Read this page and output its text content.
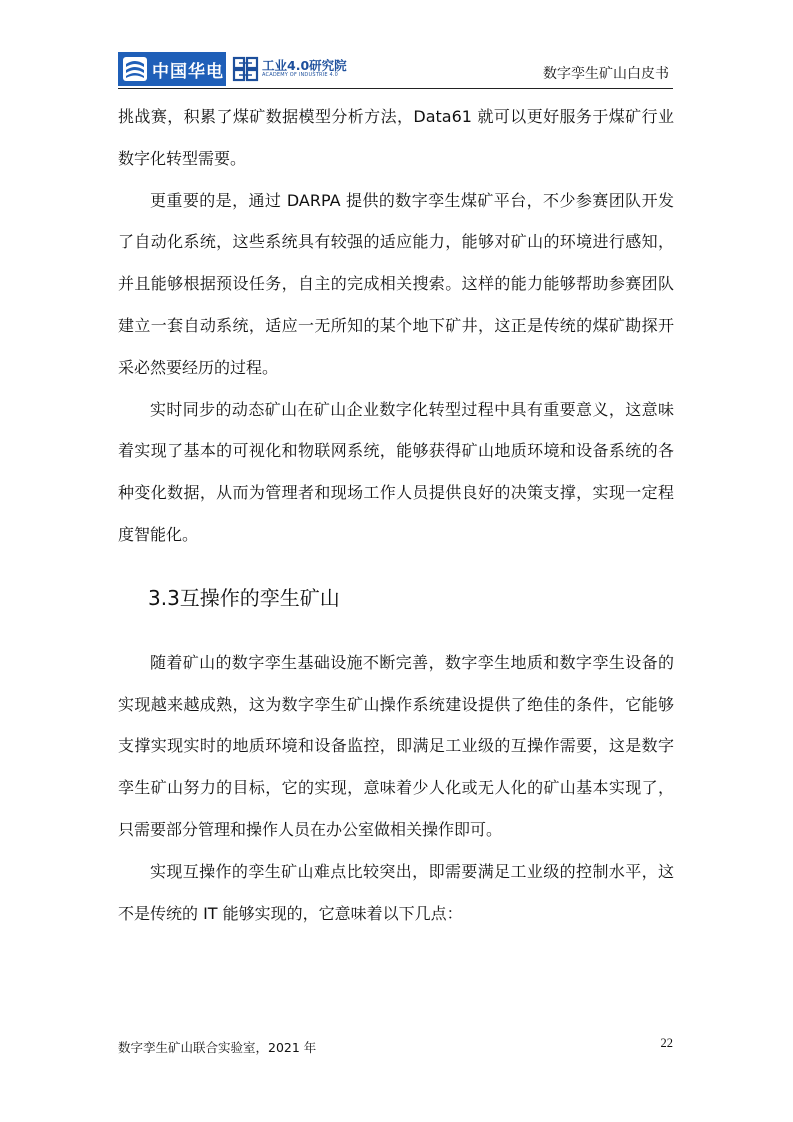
中国华电	工业4.0研究院
ACADEMY OF INDUSTRIE 4.0	数字孪生矿山白皮书

挑战赛，积累了煤矿数据模型分析方法，Data61 就可以更好服务于煤矿行业数字化转型需要。

更重要的是，通过 DARPA 提供的数字孪生煤矿平台，不少参赛团队开发了自动化系统，这些系统具有较强的适应能力，能够对矿山的环境进行感知，并且能够根据预设任务，自主的完成相关搜索。这样的能力能够帮助参赛团队建立一套自动系统，适应一无所知的某个地下矿井，这正是传统的煤矿勘探开采必然要经历的过程。

实时同步的动态矿山在矿山企业数字化转型过程中具有重要意义，这意味着实现了基本的可视化和物联网系统，能够获得矿山地质环境和设备系统的各种变化数据，从而为管理者和现场工作人员提供良好的决策支撑，实现一定程度智能化。

3.3互操作的孪生矿山

随着矿山的数字孪生基础设施不断完善，数字孪生地质和数字孪生设备的实现越来越成熟，这为数字孪生矿山操作系统建设提供了绝佳的条件，它能够支撑实现实时的地质环境和设备监控，即满足工业级的互操作需要，这是数字孪生矿山努力的目标，它的实现，意味着少人化或无人化的矿山基本实现了，只需要部分管理和操作人员在办公室做相关操作即可。

实现互操作的孪生矿山难点比较突出，即需要满足工业级的控制水平，这不是传统的 IT 能够实现的，它意味着以下几点：

数字孪生矿山联合实验室，2021 年	22
